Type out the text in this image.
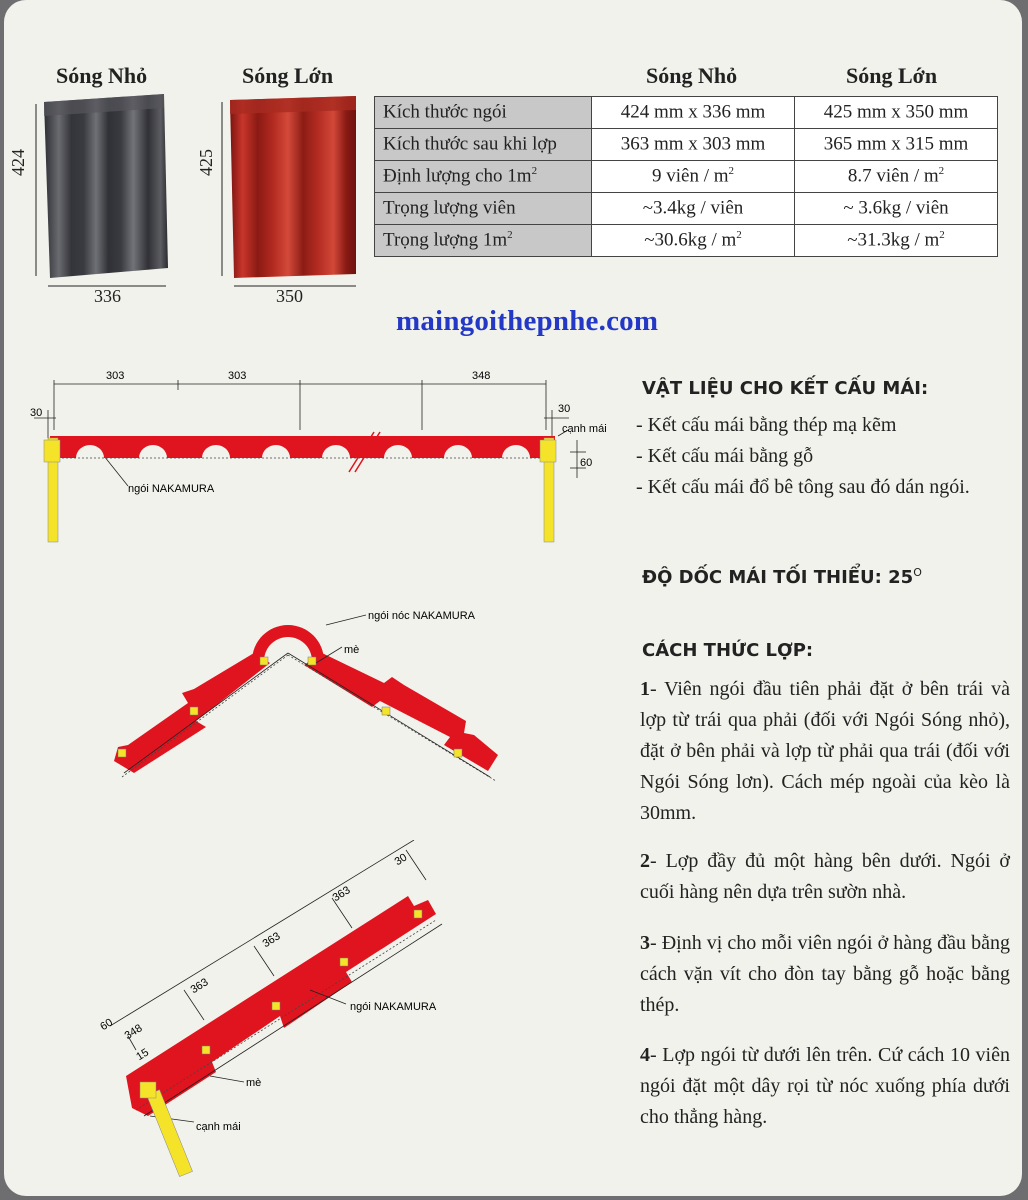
Sóng Nhỏ	Sóng Lớn
424
336
425
350
Sóng Nhỏ	Sóng Lớn
Kích thước ngói	424 mm x 336 mm	425 mm x 350 mm
Kích thước sau khi lợp	363 mm x 303 mm	365 mm x 315 mm
Định lượng cho $1m^2$	9 viên / $m^2$	8.7 viên / $m^2$
Trọng lượng viên	~3.4kg / viên	~ 3.6kg / viên
Trọng lượng $1m^2$	~30.6kg / $m^2$	~31.3kg / $m^2$
maingoithepnhe.com
303	303	348
30	30
cạnh mái
60
ngói NAKAMURA
ngói nóc NAKAMURA
mè
30
363
363
363
348
60
15
ngói NAKAMURA
mè
cạnh mái
VẬT LIỆU CHO KẾT CẤU MÁI:
- Kết cấu mái bằng thép mạ kẽm
- Kết cấu mái bằng gỗ
- Kết cấu mái đổ bê tông sau đó dán ngói.
ĐỘ DỐC MÁI TỐI THIỂU: $25^O$
CÁCH THỨC LỢP:
1- Viên ngói đầu tiên phải đặt ở bên trái và lợp từ trái qua phải (đối với Ngói Sóng nhỏ), đặt ở bên phải và lợp từ phải qua trái (đối với Ngói Sóng lơn). Cách mép ngoài của kèo là 30mm.
2- Lợp đầy đủ một hàng bên dưới. Ngói ở cuối hàng nên dựa trên sườn nhà.
3- Định vị cho mỗi viên ngói ở hàng đầu bằng cách vặn vít cho đòn tay bằng gỗ hoặc bằng thép.
4- Lợp ngói từ dưới lên trên. Cứ cách 10 viên ngói đặt một dây rọi từ nóc xuống phía dưới cho thẳng hàng.
